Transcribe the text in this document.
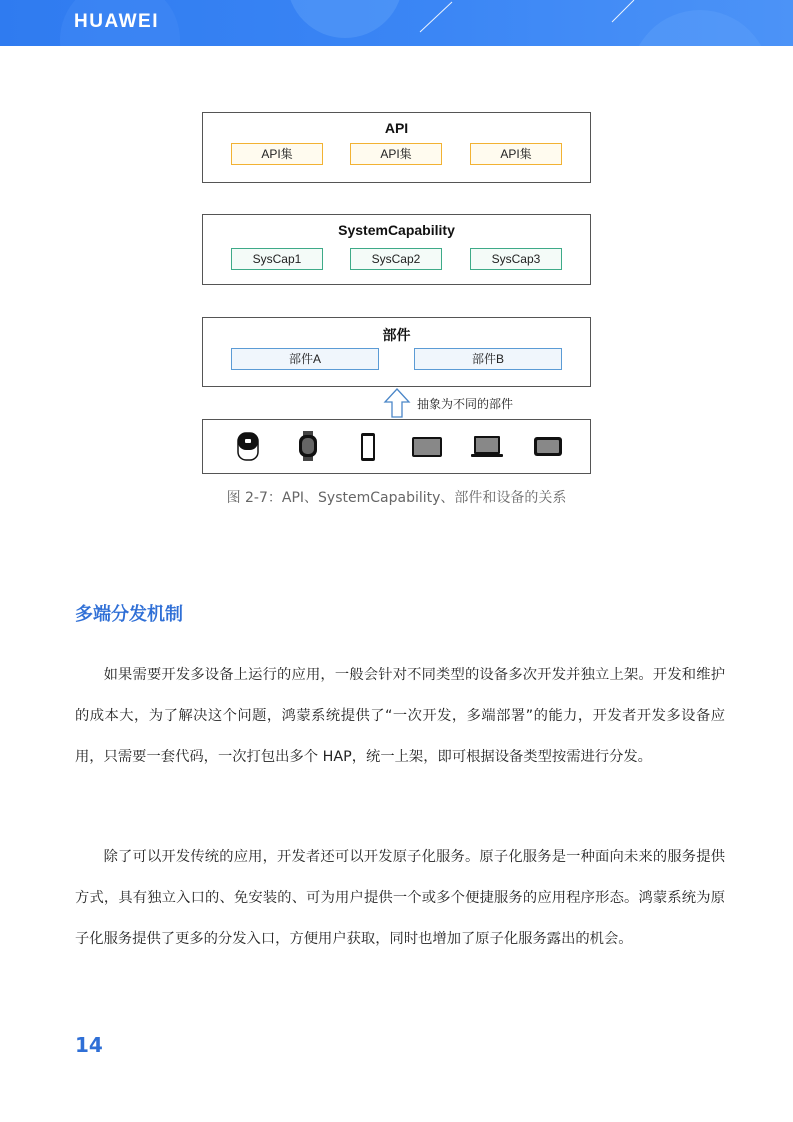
HUAWEI
API
API集	API集	API集
SystemCapability
SysCap1	SysCap2	SysCap3
部件
部件A	部件B
抽象为不同的部件
图 2-7：API、SystemCapability、部件和设备的关系
多端分发机制

如果需要开发多设备上运行的应用，一般会针对不同类型的设备多次开发并独立上架。开发和维护的成本大，为了解决这个问题，鸿蒙系统提供了“一次开发，多端部署”的能力，开发者开发多设备应用，只需要一套代码，一次打包出多个 HAP，统一上架，即可根据设备类型按需进行分发。

除了可以开发传统的应用，开发者还可以开发原子化服务。原子化服务是一种面向未来的服务提供方式，具有独立入口的、免安装的、可为用户提供一个或多个便捷服务的应用程序形态。鸿蒙系统为原子化服务提供了更多的分发入口，方便用户获取，同时也增加了原子化服务露出的机会。

14
